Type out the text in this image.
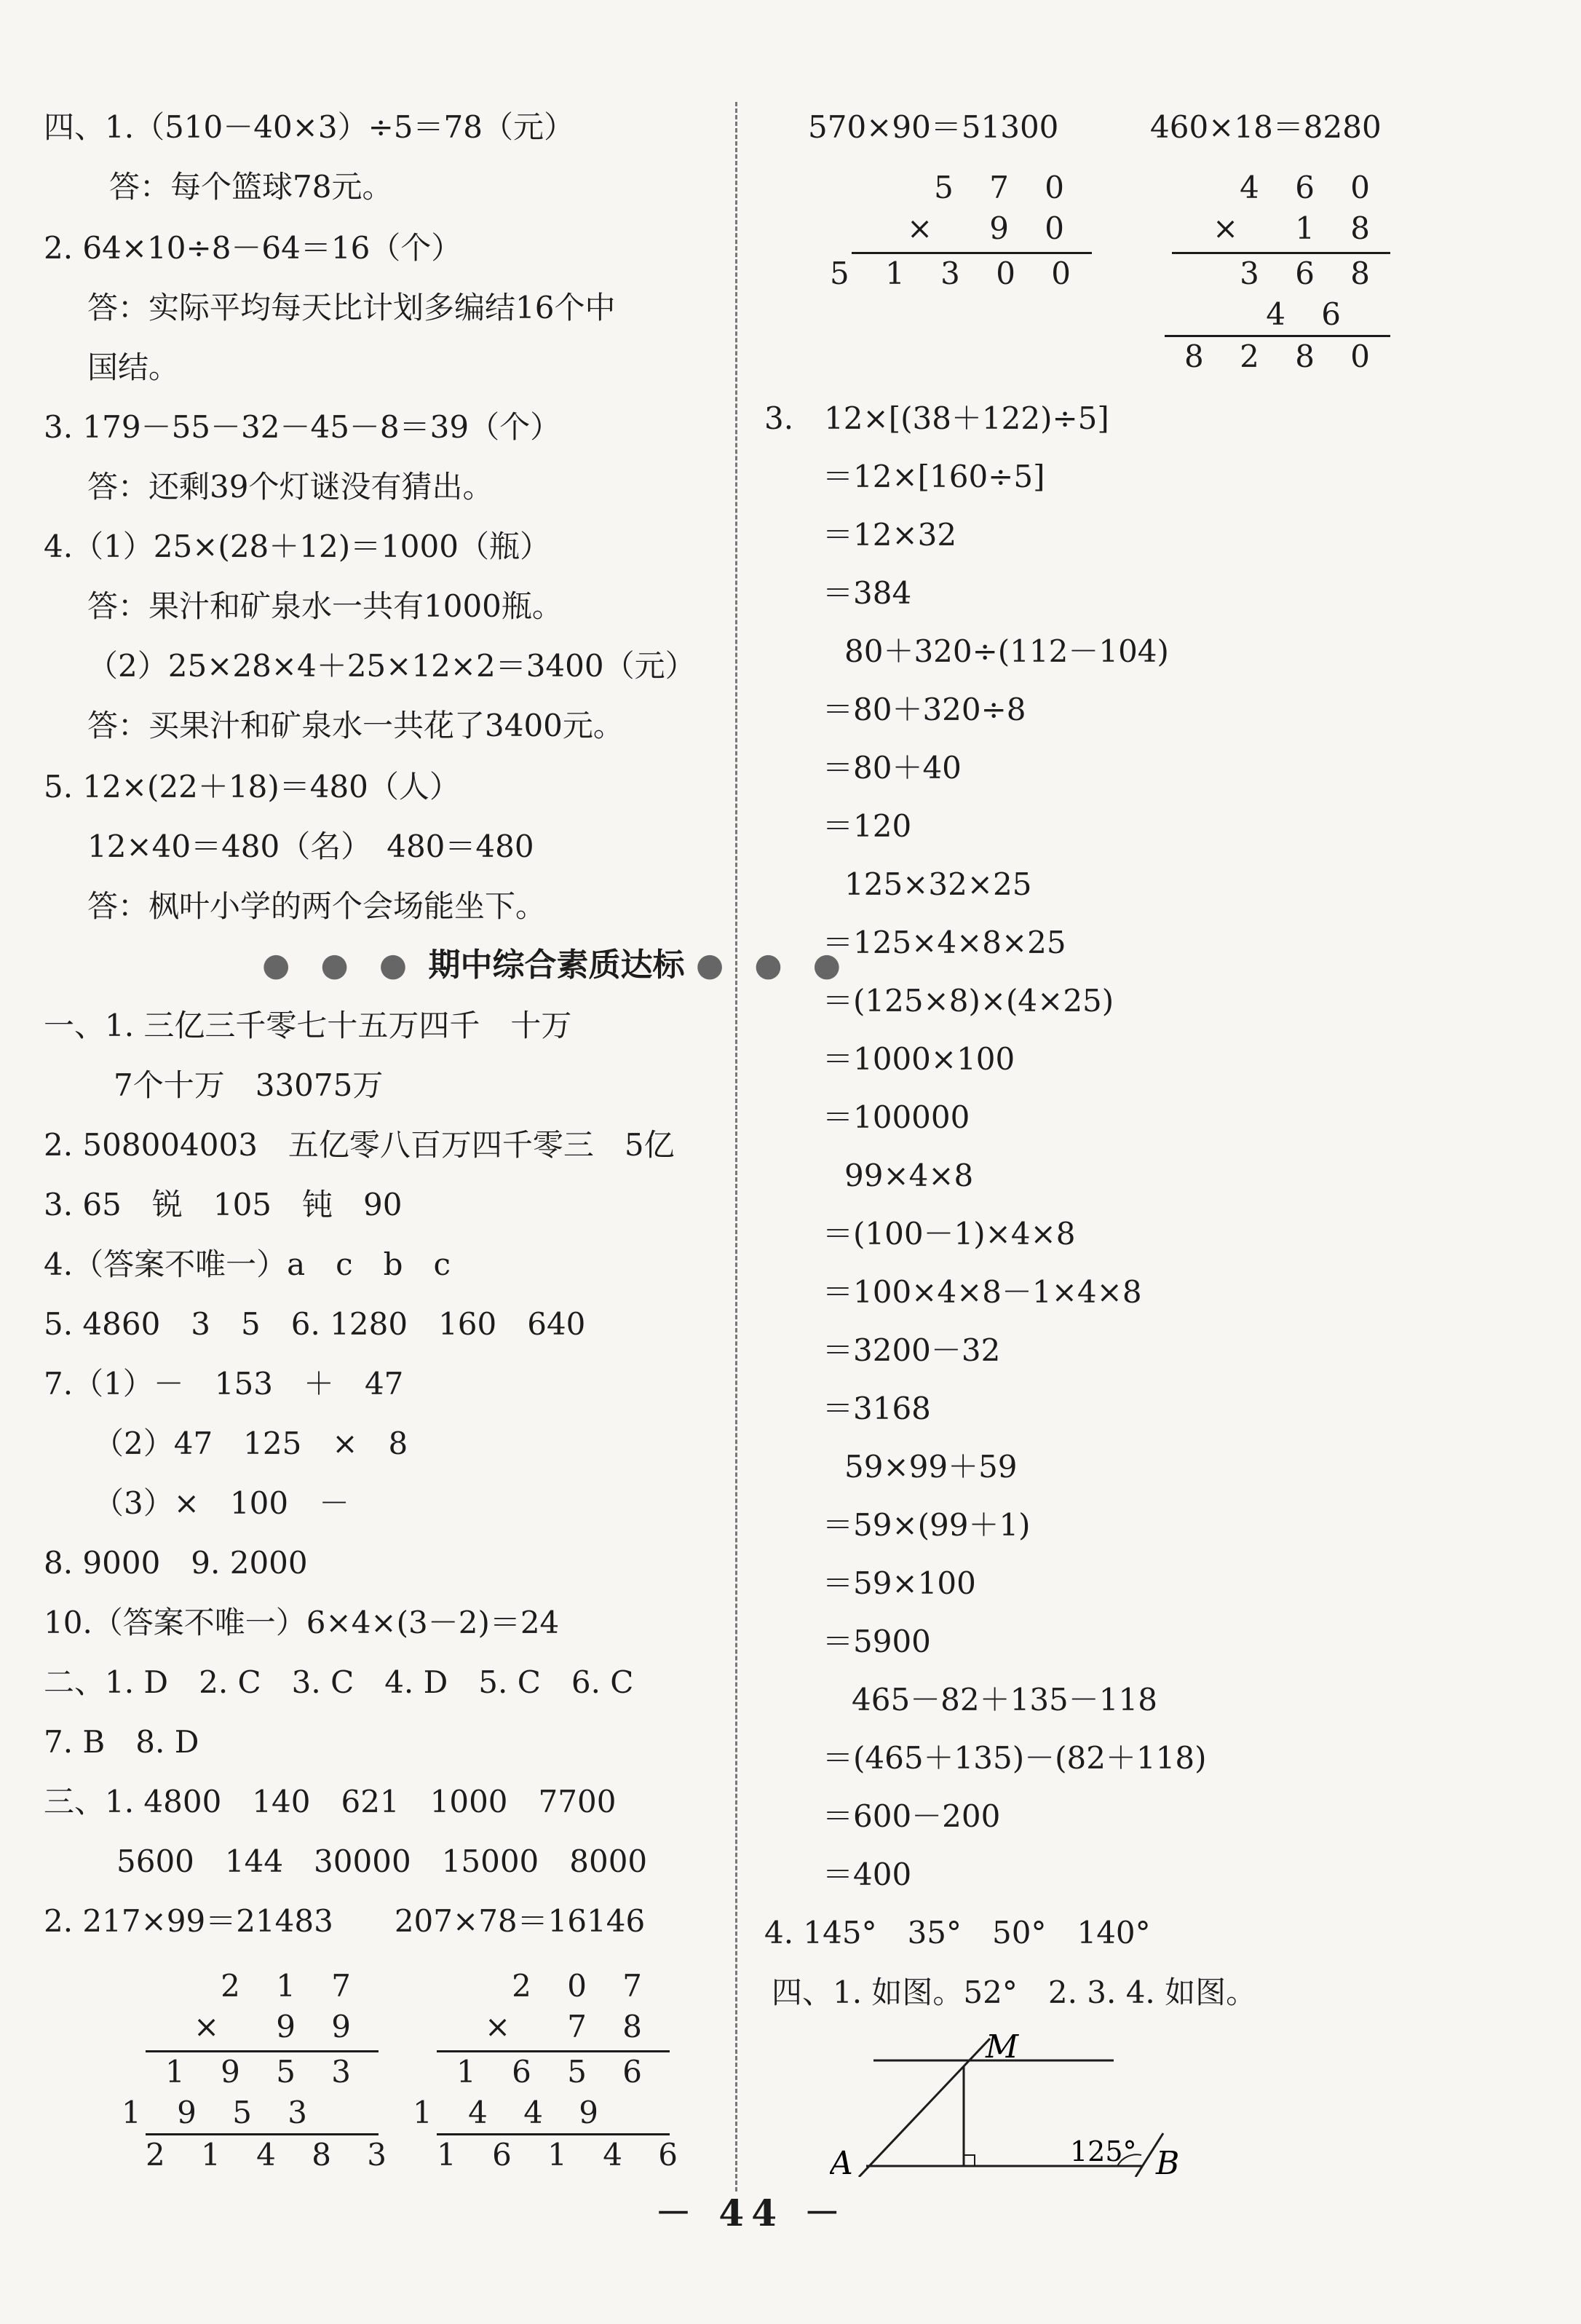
四、1.（510－40×3）÷5＝78（元）
答：每个篮球78元。
2. 64×10÷8－64＝16（个）
答：实际平均每天比计划多编结16个中
国结。
3. 179－55－32－45－8＝39（个）
答：还剩39个灯谜没有猜出。
4.（1）25×(28＋12)＝1000（瓶）
答：果汁和矿泉水一共有1000瓶。
（2）25×28×4＋25×12×2＝3400（元）
答：买果汁和矿泉水一共花了3400元。
5. 12×(22＋18)＝480（人）
12×40＝480（名）　480＝480
答：枫叶小学的两个会场能坐下。
● ● ● 期中综合素质达标 ● ● ●
一、1. 三亿三千零七十五万四千　十万
7个十万　33075万
2. 508004003　五亿零八百万四千零三　5亿
3. 65　锐　105　钝　90
4.（答案不唯一）a　c　b　c
5. 4860　3　5　6. 1280　160　640
7.（1）－　153　＋　47
（2）47　125　×　8
（3）×　100　－
8. 9000　9. 2000
10.（答案不唯一）6×4×(3－2)＝24
二、1. D　2. C　3. C　4. D　5. C　6. C
7. B　8. D
三、1. 4800　140　621　1000　7700
5600　144　30000　15000　8000
2. 217×99＝21483　　207×78＝16146
2 1 7
×　9 9
1 9 5 3
1 9 5 3
2 1 4 8 3
2 0 7
×　7 8
1 6 5 6
1 4 4 9
1 6 1 4 6
570×90＝51300	460×18＝8280
5 7 0
×　9 0
5 1 3 0 0
4 6 0
×　1 8
3 6 8
4 6
8 2 8 0
3.　12×[(38＋122)÷5]
＝12×[160÷5]
＝12×32
＝384
80＋320÷(112－104)
＝80＋320÷8
＝80＋40
＝120
125×32×25
＝125×4×8×25
＝(125×8)×(4×25)
＝1000×100
＝100000
99×4×8
＝(100－1)×4×8
＝100×4×8－1×4×8
＝3200－32
＝3168
59×99＋59
＝59×(99＋1)
＝59×100
＝5900
465－82＋135－118
＝(465＋135)－(82＋118)
＝600－200
＝400
4. 145°　35°　50°　140°
四、1. 如图。52°　2. 3. 4. 如图。
M
A	B
125°
－ 44 －
